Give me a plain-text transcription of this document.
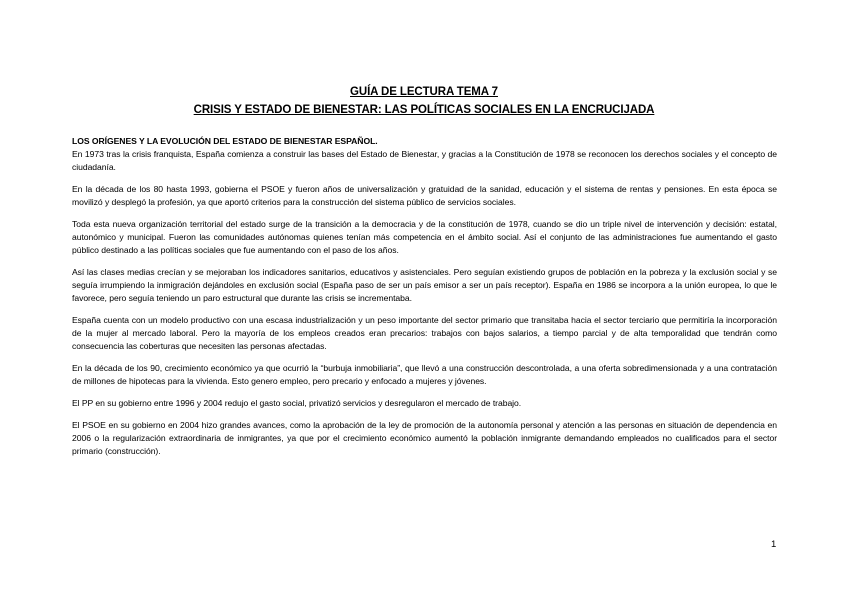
GUÍA DE LECTURA TEMA 7
CRISIS Y ESTADO DE BIENESTAR: LAS POLÍTICAS SOCIALES EN LA ENCRUCIJADA
LOS ORÍGENES Y LA EVOLUCIÓN DEL ESTADO DE BIENESTAR ESPAÑOL.

En 1973 tras la crisis franquista, España comienza a construir las bases del Estado de Bienestar, y gracias a la Constitución de 1978 se reconocen los derechos sociales y el concepto de ciudadanía.

En la década de los 80 hasta 1993, gobierna el PSOE y fueron años de universalización y gratuidad de la sanidad, educación y el sistema de rentas y pensiones. En esta época se movilizó y desplegó la profesión, ya que aportó criterios para la construcción del sistema público de servicios sociales.

Toda esta nueva organización territorial del estado surge de la transición a la democracia y de la constitución de 1978, cuando se dio un triple nivel de intervención y decisión: estatal, autonómico y municipal. Fueron las comunidades autónomas quienes tenían más competencia en el ámbito social. Así el conjunto de las administraciones fue aumentando el gasto público destinado a las políticas sociales que fue aumentando con el paso de los años.

Así las clases medias crecían y se mejoraban los indicadores sanitarios, educativos y asistenciales. Pero seguían existiendo grupos de población en la pobreza y la exclusión social y se seguía irrumpiendo la inmigración dejándoles en exclusión social (España paso de ser un país emisor a ser un país receptor). España en 1986 se incorpora a la unión europea, lo que le favorece, pero seguía teniendo un paro estructural que durante las crisis se incrementaba.

España cuenta con un modelo productivo con una escasa industrialización y un peso importante del sector primario que transitaba hacia el sector terciario que permitiría la incorporación de la mujer al mercado laboral. Pero la mayoría de los empleos creados eran precarios: trabajos con bajos salarios, a tiempo parcial y de alta temporalidad que tendrán como consecuencia las coberturas que necesiten las personas afectadas.

En la década de los 90, crecimiento económico ya que ocurrió la “burbuja inmobiliaria”, que llevó a una construcción descontrolada, a una oferta sobredimensionada y a una contratación de millones de hipotecas para la vivienda. Esto genero empleo, pero precario y enfocado a mujeres y jóvenes.

El PP en su gobierno entre 1996 y 2004 redujo el gasto social, privatizó servicios y desregularon el mercado de trabajo.

El PSOE en su gobierno en 2004 hizo grandes avances, como la aprobación de la ley de promoción de la autonomía personal y atención a las personas en situación de dependencia en 2006 o la regularización extraordinaria de inmigrantes, ya que por el crecimiento económico aumentó la población inmigrante demandando empleados no cualificados para el sector primario (construcción).

1
